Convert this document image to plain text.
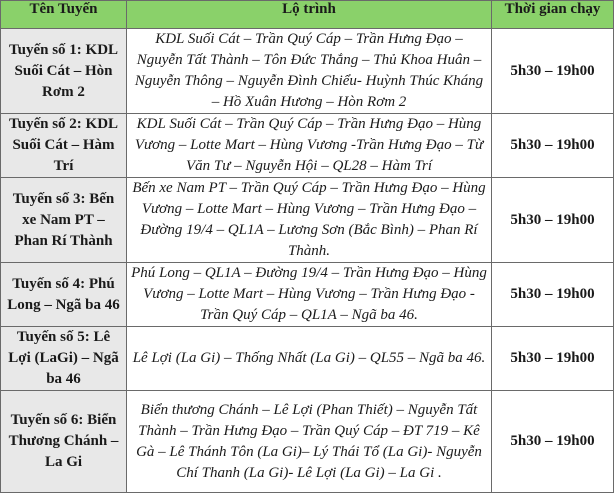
Tên Tuyến	Lộ trình	Thời gian chạy
Tuyến số 1: KDL Suối Cát – Hòn Rơm 2	KDL Suối Cát – Trần Quý Cáp – Trần Hưng Đạo – Nguyễn Tất Thành – Tôn Đức Thắng – Thủ Khoa Huân – Nguyễn Thông – Nguyễn Đình Chiểu- Huỳnh Thúc Kháng – Hồ Xuân Hương – Hòn Rơm 2	5h30 – 19h00
Tuyến số 2: KDL Suối Cát – Hàm Trí	KDL Suối Cát – Trần Quý Cáp – Trần Hưng Đạo – Hùng Vương – Lotte Mart – Hùng Vương -Trần Hưng Đạo – Từ Văn Tư – Nguyễn Hội – QL28 – Hàm Trí	5h30 – 19h00
Tuyến số 3: Bến xe Nam PT – Phan Rí Thành	Bến xe Nam PT – Trần Quý Cáp – Trần Hưng Đạo – Hùng Vương – Lotte Mart – Hùng Vương – Trần Hưng Đạo – Đường 19/4 – QL1A – Lương Sơn (Bắc Bình) – Phan Rí Thành.	5h30 – 19h00
Tuyến số 4: Phú Long – Ngã ba 46	Phú Long – QL1A – Đường 19/4 – Trần Hưng Đạo – Hùng Vương – Lotte Mart – Hùng Vương – Trần Hưng Đạo -Trần Quý Cáp – QL1A – Ngã ba 46.	5h30 – 19h00
Tuyến số 5: Lê Lợi (LaGi) – Ngã ba 46	Lê Lợi (La Gi) – Thống Nhất (La Gi) – QL55 – Ngã ba 46.	5h30 – 19h00
Tuyến số 6: Biển Thương Chánh – La Gi	Biển thương Chánh – Lê Lợi (Phan Thiết) – Nguyễn Tất Thành – Trần Hưng Đạo – Trần Quý Cáp – ĐT 719 – Kê Gà – Lê Thánh Tôn (La Gi)– Lý Thái Tổ (La Gi)- Nguyễn Chí Thanh (La Gi)- Lê Lợi (La Gi) – La Gi .	5h30 – 19h00
